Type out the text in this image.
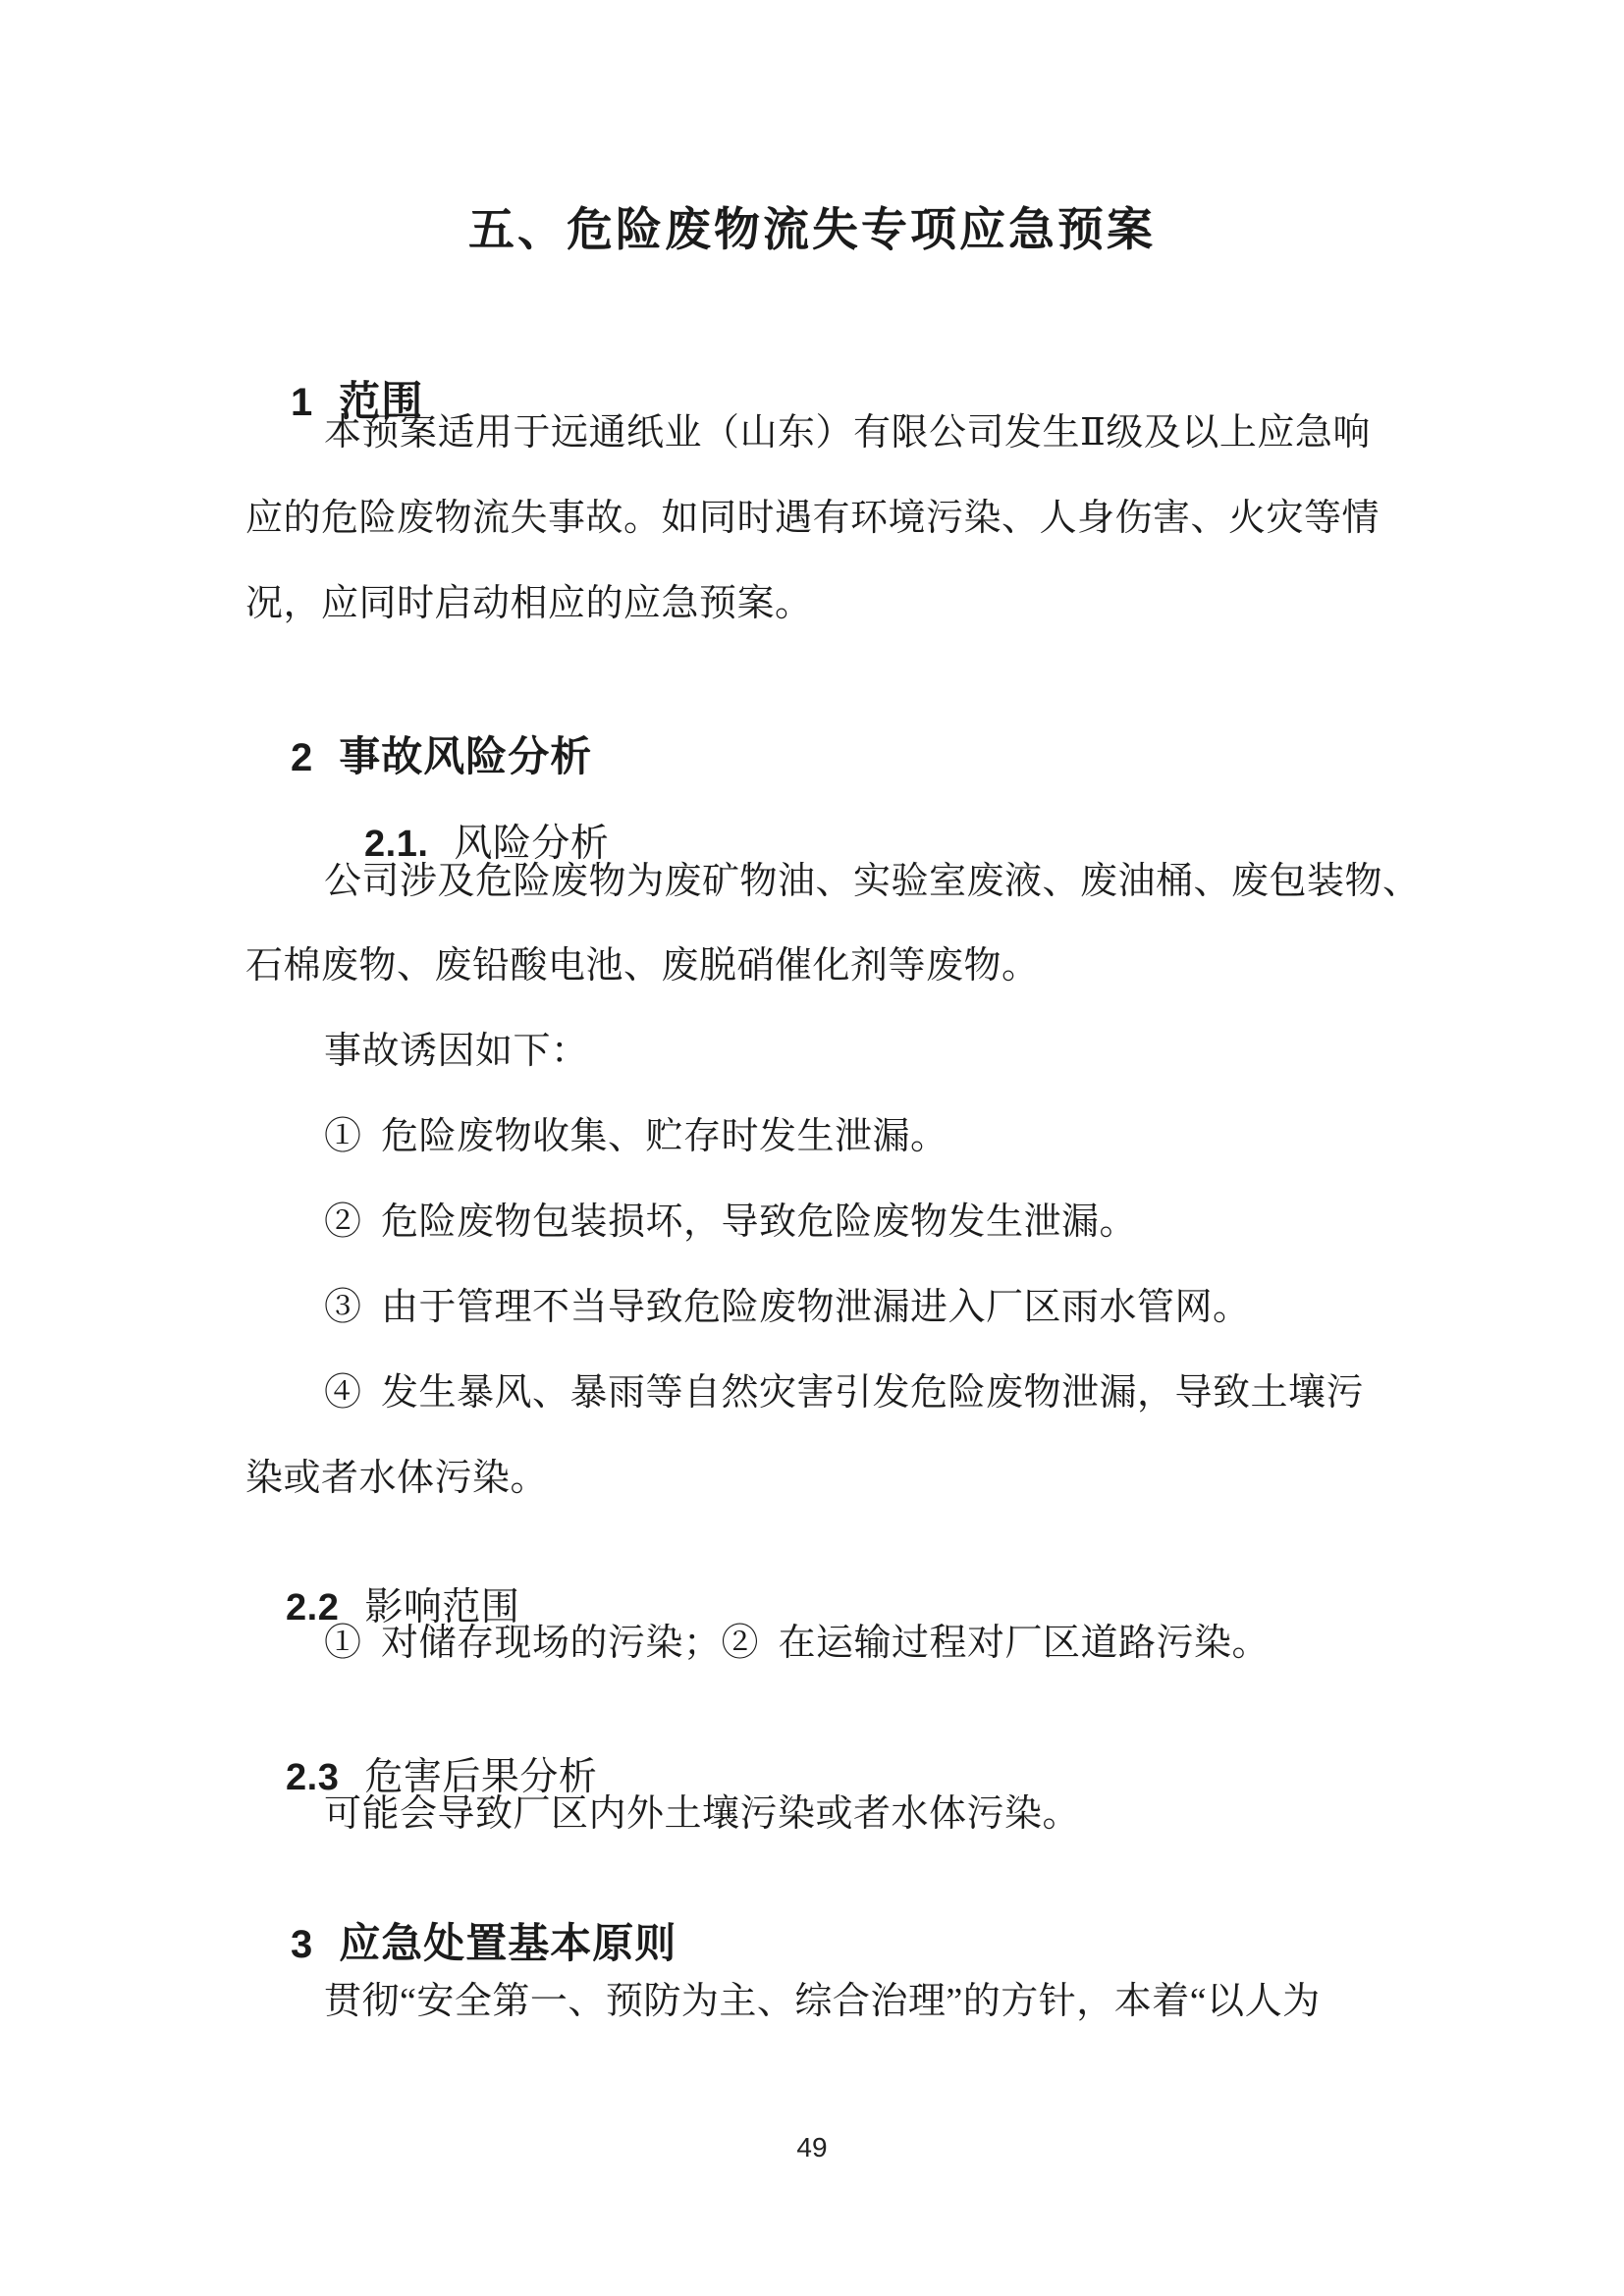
五、危险废物流失专项应急预案

1 范围

本预案适用于远通纸业（山东）有限公司发生Ⅱ级及以上应急响
应的危险废物流失事故。如同时遇有环境污染、人身伤害、火灾等情
况，应同时启动相应的应急预案。

2 事故风险分析

2.1. 风险分析

公司涉及危险废物为废矿物油、实验室废液、废油桶、废包装物、
石棉废物、废铅酸电池、废脱硝催化剂等废物。
事故诱因如下：
① 危险废物收集、贮存时发生泄漏。
② 危险废物包装损坏，导致危险废物发生泄漏。
③ 由于管理不当导致危险废物泄漏进入厂区雨水管网。
④ 发生暴风、暴雨等自然灾害引发危险废物泄漏，导致土壤污
染或者水体污染。

2.2 影响范围

① 对储存现场的污染；② 在运输过程对厂区道路污染。

2.3 危害后果分析

可能会导致厂区内外土壤污染或者水体污染。

3 应急处置基本原则

贯彻“安全第一、预防为主、综合治理”的方针，本着“以人为
49
